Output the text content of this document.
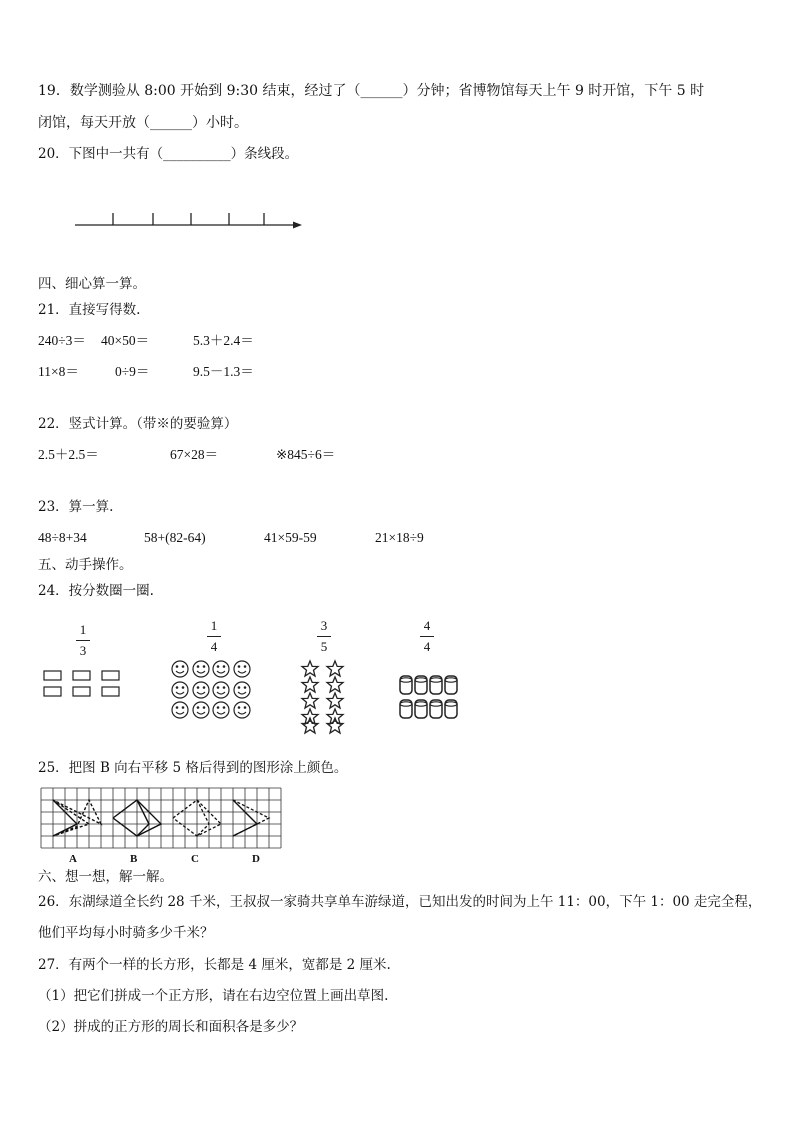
19．数学测验从 8:00 开始到 9:30 结束，经过了（______）分钟；省博物馆每天上午 9 时开馆，下午 5 时
闭馆，每天开放（______）小时。
20．下图中一共有（__________）条线段。
四、细心算一算。
21．直接写得数.
240÷3＝ 40×50＝	5.3＋2.4＝
11×8＝	0÷9＝	9.5－1.3＝
22．竖式计算。（带※的要验算）
2.5＋2.5＝	67×28＝	※845÷6＝
23．算一算.
48÷8+34	58+(82-64)	41×59-59	21×18÷9
五、动手操作。
24．按分数圈一圈.
1
3
1
4
3
5
4
4
25．把图 B 向右平移 5 格后得到的图形涂上颜色。
A	B	C	D
六、想一想，解一解。
26．东湖绿道全长约 28 千米，王叔叔一家骑共享单车游绿道，已知出发的时间为上午 11：00，下午 1：00 走完全程，
他们平均每小时骑多少千米？
27．有两个一样的长方形，长都是 4 厘米，宽都是 2 厘米.
（1）把它们拼成一个正方形，请在右边空位置上画出草图.
（2）拼成的正方形的周长和面积各是多少？
